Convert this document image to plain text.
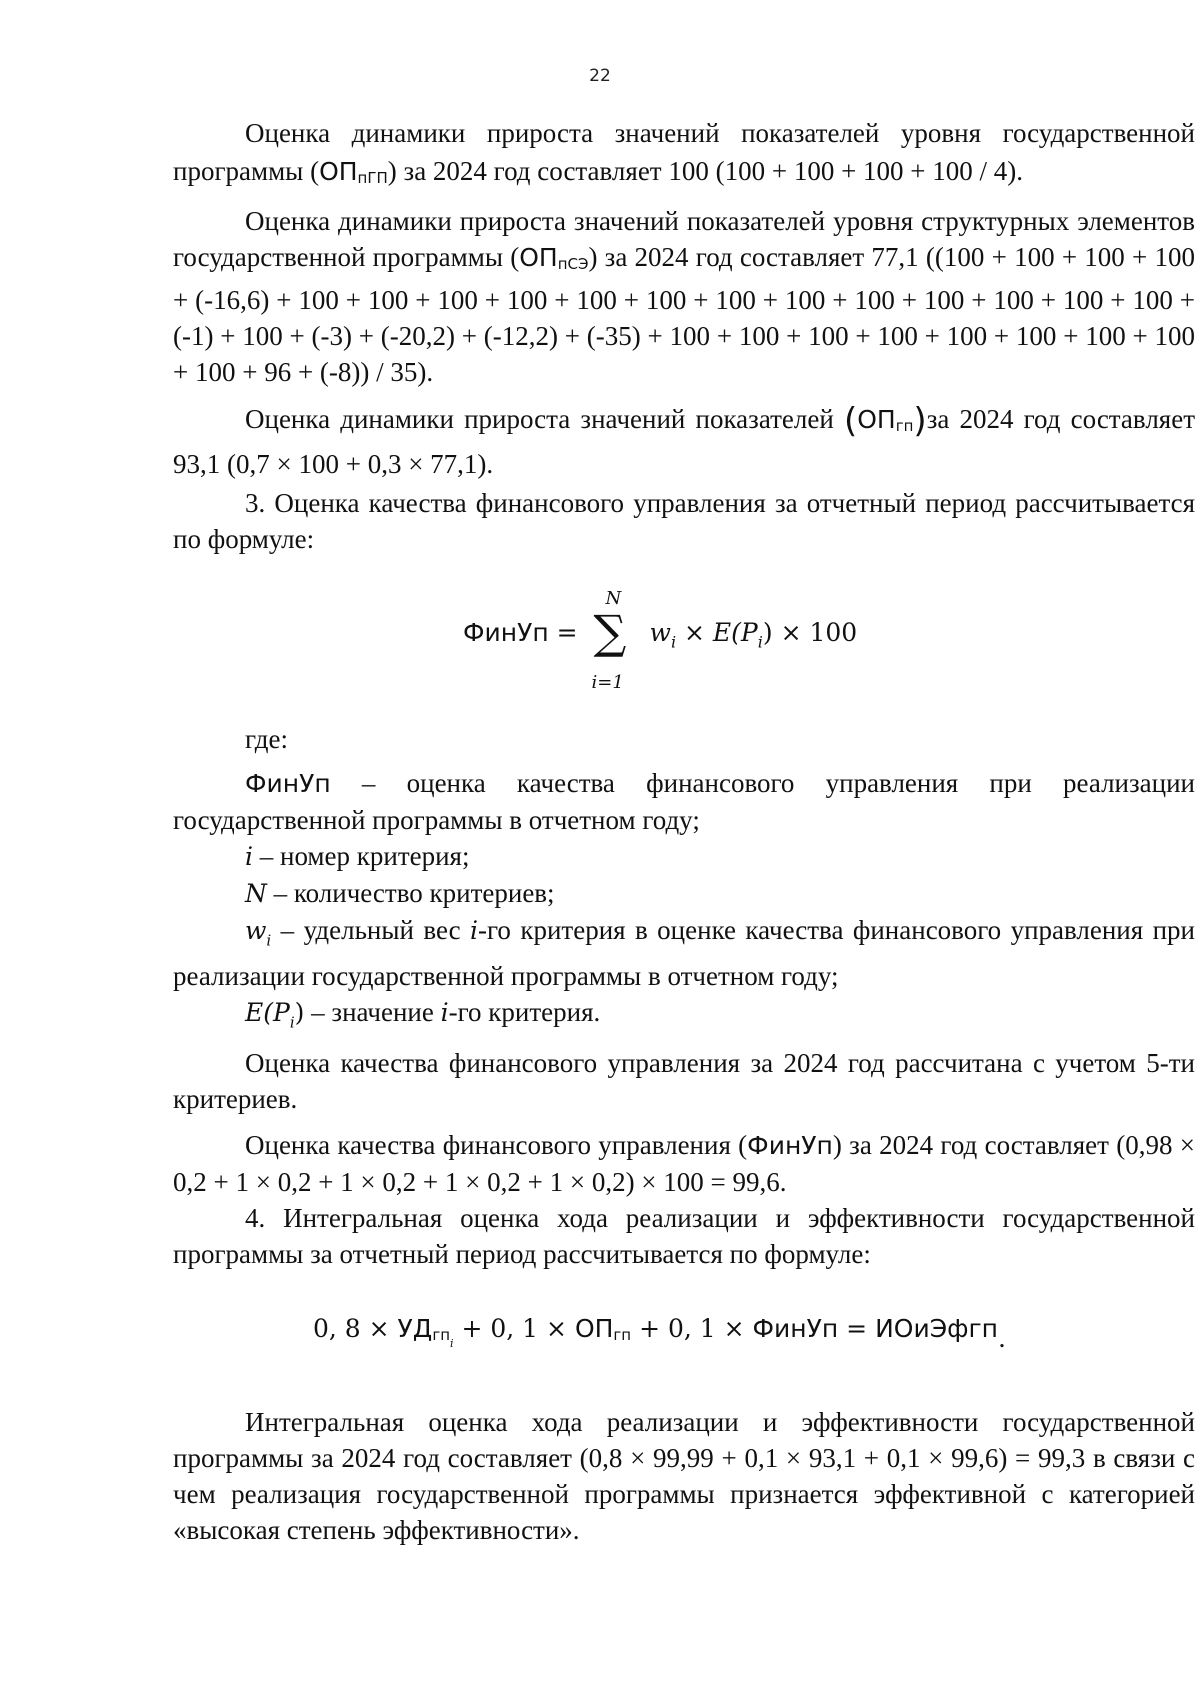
22

Оценка динамики прироста значений показателей уровня государственной программы (ОПпГП) за 2024 год составляет 100 (100 + 100 + 100 + 100 / 4).

Оценка динамики прироста значений показателей уровня структурных элементов государственной программы (ОПпСЭ) за 2024 год составляет 77,1 ((100 + 100 + 100 + 100 + (-16,6) + 100 + 100 + 100 + 100 + 100 + 100 + 100 + 100 + 100 + 100 + 100 + 100 + 100 + (-1) + 100 + (-3) + (-20,2) + (-12,2) + (-35) + 100 + 100 + 100 + 100 + 100 + 100 + 100 + 100 + 100 + 96 + (-8)) / 35).

Оценка динамики прироста значений показателей (ОПгп)за 2024 год составляет 93,1 (0,7 × 100 + 0,3 × 77,1).

3. Оценка качества финансового управления за отчетный период рассчитывается по формуле:

ФинУп =
N
∑
i=1
$w_i \times E(P_i) \times 100$

где:

ФинУп – оценка качества финансового управления при реализации государственной программы в отчетном году;

i – номер критерия;

N – количество критериев;

$w_i$ – удельный вес i-го критерия в оценке качества финансового управления при реализации государственной программы в отчетном году;

$E(P_i)$ – значение i-го критерия.

Оценка качества финансового управления за 2024 год рассчитана с учетом 5-ти критериев.

Оценка качества финансового управления (ФинУп) за 2024 год составляет (0,98 × 0,2 + 1 × 0,2 + 1 × 0,2 + 1 × 0,2 + 1 × 0,2) × 100 = 99,6.

4. Интегральная оценка хода реализации и эффективности государственной программы за отчетный период рассчитывается по формуле:

0, 8 × УДгп$_i$ + 0, 1 × ОПгп + 0, 1 × ФинУп = ИОиЭфгп.

Интегральная оценка хода реализации и эффективности государственной программы за 2024 год составляет (0,8 × 99,99 + 0,1 × 93,1 + 0,1 × 99,6) = 99,3 в связи с чем реализация государственной программы признается эффективной с категорией «высокая степень эффективности».
